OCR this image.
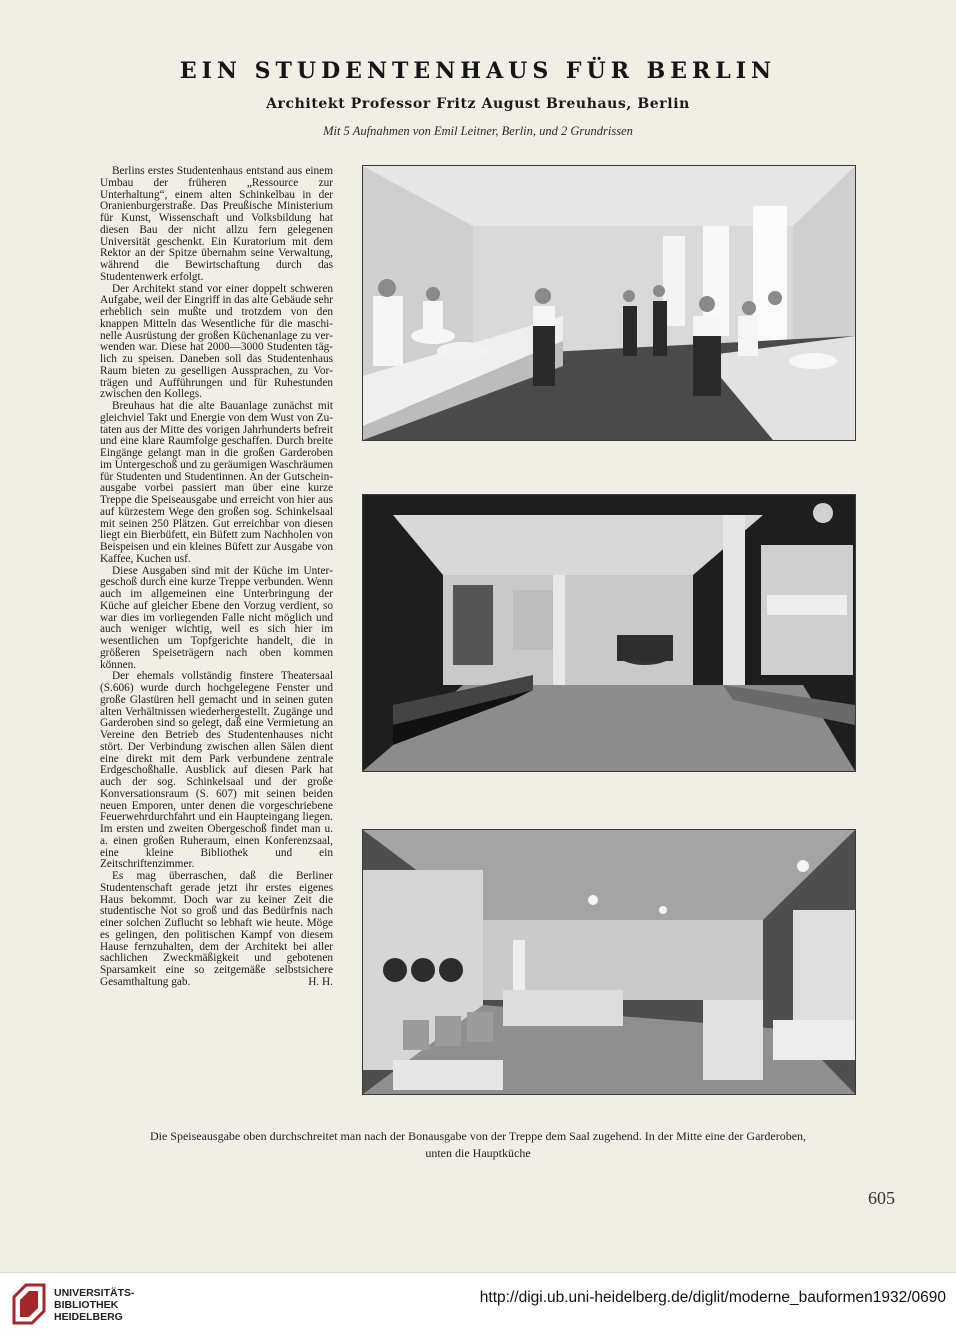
EIN STUDENTENHAUS FÜR BERLIN
Architekt Professor Fritz August Breuhaus, Berlin
Mit 5 Aufnahmen von Emil Leitner, Berlin, und 2 Grundrissen

Berlins erstes Studentenhaus entstand aus einem Umbau der früheren „Ressource zur Unterhaltung“, einem alten Schinkelbau in der Oranienburgerstraße. Das Preußische Ministerium für Kunst, Wissenschaft und Volksbildung hat diesen Bau der nicht allzu fern gelegenen Universität geschenkt. Ein Kuratorium mit dem Rektor an der Spitze übernahm seine Verwaltung, während die Bewirtschaftung durch das Studentenwerk erfolgt.

Der Architekt stand vor einer doppelt schweren Aufgabe, weil der Eingriff in das alte Gebäude sehr erheblich sein mußte und trotzdem von den knappen Mitteln das Wesentliche für die maschinelle Ausrüstung der großen Küchenanlage zu verwenden war. Diese hat 2000—3000 Studenten täglich zu speisen. Daneben soll das Studentenhaus Raum bieten zu geselligen Aussprachen, zu Vorträgen und Aufführungen und für Ruhestunden zwischen den Kollegs.

Breuhaus hat die alte Bauanlage zunächst mit gleichviel Takt und Energie von dem Wust von Zutaten aus der Mitte des vorigen Jahrhunderts befreit und eine klare Raumfolge geschaffen. Durch breite Eingänge gelangt man in die großen Garderoben im Untergeschoß und zu geräumigen Waschräumen für Studenten und Studentinnen. An der Gutscheinausgabe vorbei passiert man über eine kurze Treppe die Speiseausgabe und erreicht von hier aus auf kürzestem Wege den großen sog. Schinkelsaal mit seinen 250 Plätzen. Gut erreichbar von diesen liegt ein Bierbüfett, ein Büfett zum Nachholen von Beispeisen und ein kleines Büfett zur Ausgabe von Kaffee, Kuchen usf.

Diese Ausgaben sind mit der Küche im Untergeschoß durch eine kurze Treppe verbunden. Wenn auch im allgemeinen eine Unterbringung der Küche auf gleicher Ebene den Vorzug verdient, so war dies im vorliegenden Falle nicht möglich und auch weniger wichtig, weil es sich hier im wesentlichen um Topfgerichte handelt, die in größeren Speiseträgern nach oben kommen können.

Der ehemals vollständig finstere Theatersaal (S.606) wurde durch hochgelegene Fenster und große Glastüren hell gemacht und in seinen guten alten Verhältnissen wiederhergestellt. Zugänge und Garderoben sind so gelegt, daß eine Vermietung an Vereine den Betrieb des Studentenhauses nicht stört. Der Verbindung zwischen allen Sälen dient eine direkt mit dem Park verbundene zentrale Erdgeschoßhalle. Ausblick auf diesen Park hat auch der sog. Schinkelsaal und der große Konversationsraum (S. 607) mit seinen beiden neuen Emporen, unter denen die vorgeschriebene Feuerwehrdurchfahrt und ein Haupteingang liegen. Im ersten und zweiten Obergeschoß findet man u. a. einen großen Ruheraum, einen Konferenzsaal, eine kleine Bibliothek und ein Zeitschriftenzimmer.

Es mag überraschen, daß die Berliner Studentenschaft gerade jetzt ihr erstes eigenes Haus bekommt. Doch war zu keiner Zeit die studentische Not so groß und das Bedürfnis nach einer solchen Zuflucht so lebhaft wie heute. Möge es gelingen, den politischen Kampf von diesem Hause fernzuhalten, dem der Architekt bei aller sachlichen Zweckmäßigkeit und gebotenen Sparsamkeit eine so zeitgemäße selbstsichere Gesamthaltung gab.	H. H.

Die Speiseausgabe oben durchschreitet man nach der Bonausgabe von der Treppe dem Saal zugehend. In der Mitte eine der Garderoben,
unten die Hauptküche
605
UNIVERSITÄTS-
BIBLIOTHEK
HEIDELBERG
http://digi.ub.uni-heidelberg.de/diglit/moderne_bauformen1932/0690
